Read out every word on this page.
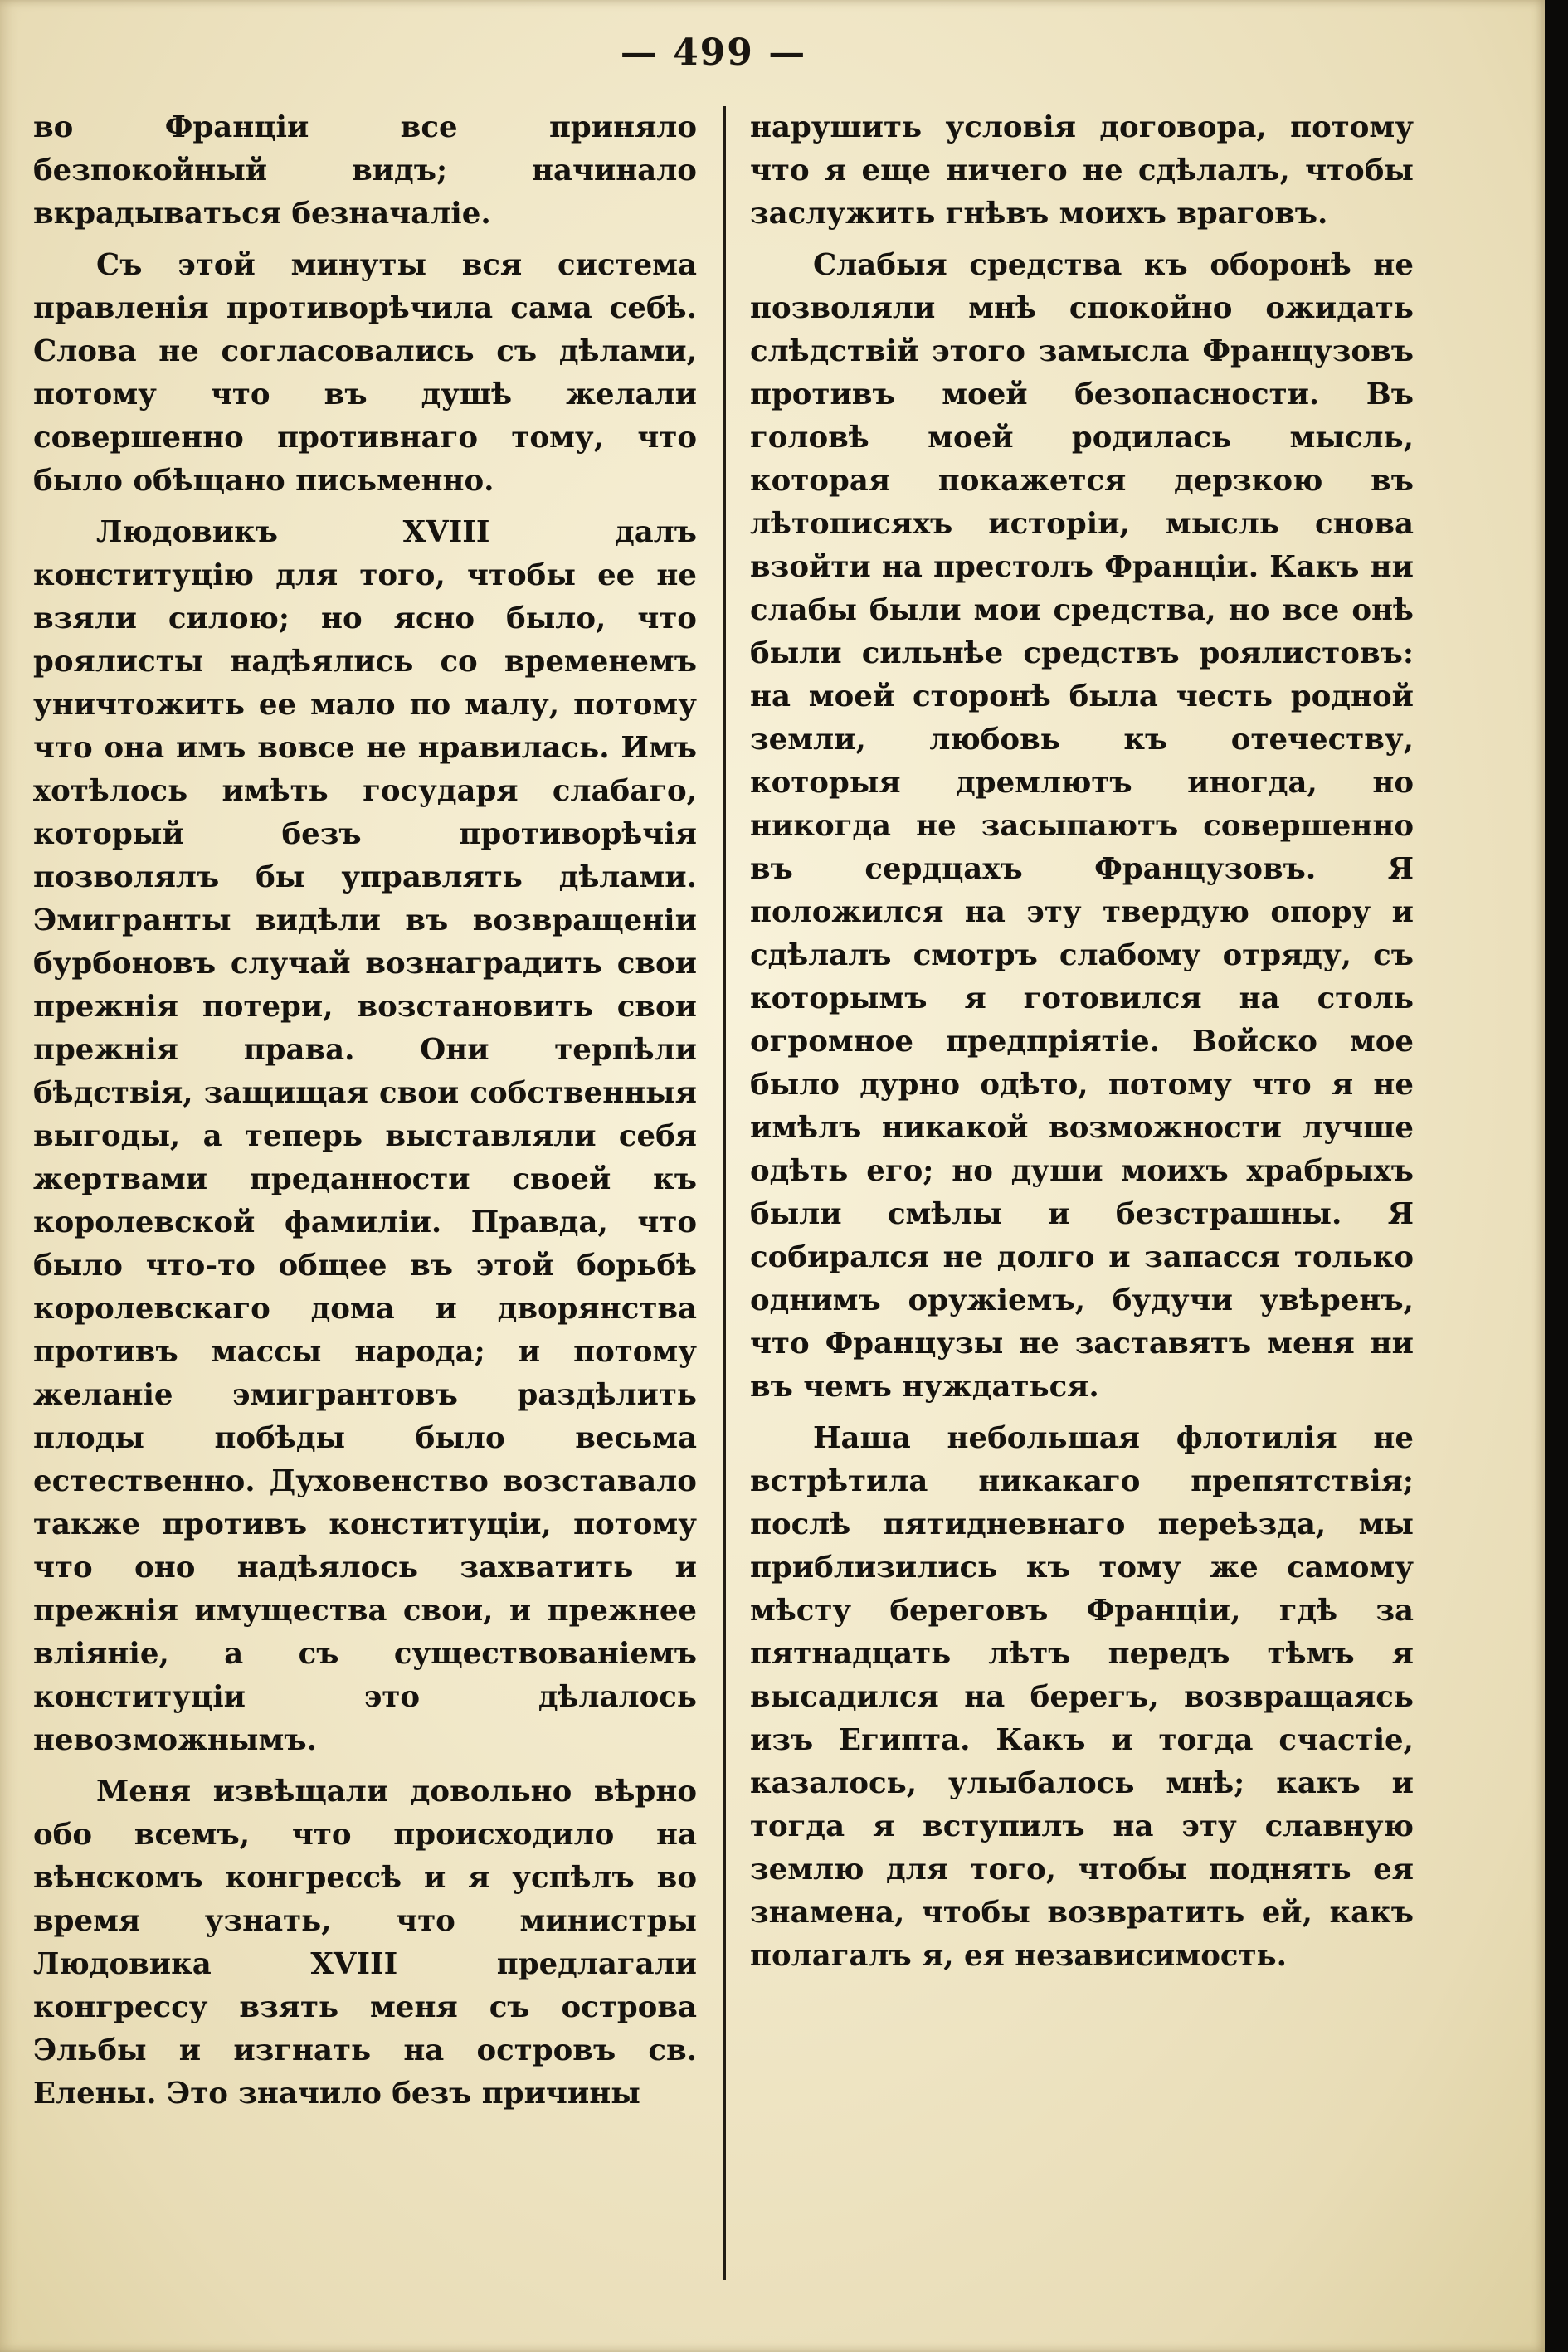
— 499 —

во Франціи все приняло безпокойный видъ; начинало вкрадываться безначаліе.

Съ этой минуты вся система правленія противорѣчила сама себѣ. Слова не согласовались съ дѣлами, потому что въ душѣ желали совершенно противнаго тому, что было обѣщано письменно.

Людовикъ XVIII далъ конституцію для того, чтобы ее не взяли силою; но ясно было, что роялисты надѣялись со временемъ уничтожить ее мало по малу, потому что она имъ вовсе не нравилась. Имъ хотѣлось имѣть государя слабаго, который безъ противорѣчія позволялъ бы управлять дѣлами. Эмигранты видѣли въ возвращеніи бурбоновъ случай вознаградить свои прежнія потери, возстановить свои прежнія права. Они терпѣли бѣдствія, защищая свои собственныя выгоды, а теперь выставляли себя жертвами преданности своей къ королевской фамиліи. Правда, что было что-то общее въ этой борьбѣ королевскаго дома и дворянства противъ массы народа; и потому желаніе эмигрантовъ раздѣлить плоды побѣды было весьма естественно. Духовенство возставало также противъ конституціи, потому что оно надѣялось захватить и прежнія имущества свои, и прежнее вліяніе, а съ существованіемъ конституціи это дѣлалось невозможнымъ.

Меня извѣщали довольно вѣрно обо всемъ, что происходило на вѣнскомъ конгрессѣ и я успѣлъ во время узнать, что министры Людовика XVIII предлагали конгрессу взять меня съ острова Эльбы и изгнать на островъ св. Елены. Это значило безъ причины

нарушить условія договора, потому что я еще ничего не сдѣлалъ, чтобы заслужить гнѣвъ моихъ враговъ.

Слабыя средства къ оборонѣ не позволяли мнѣ спокойно ожидать слѣдствій этого замысла Французовъ противъ моей безопасности. Въ головѣ моей родилась мысль, которая покажется дерзкою въ лѣтописяхъ исторіи, мысль снова взойти на престолъ Франціи. Какъ ни слабы были мои средства, но все онѣ были сильнѣе средствъ роялистовъ: на моей сторонѣ была честь родной земли, любовь къ отечеству, которыя дремлютъ иногда, но никогда не засыпаютъ совершенно въ сердцахъ Французовъ. Я положился на эту твердую опору и сдѣлалъ смотръ слабому отряду, съ которымъ я готовился на столь огромное предпріятіе. Войско мое было дурно одѣто, потому что я не имѣлъ никакой возможности лучше одѣть его; но души моихъ храбрыхъ были смѣлы и безстрашны. Я собирался не долго и запасся только однимъ оружіемъ, будучи увѣренъ, что Французы не заставятъ меня ни въ чемъ нуждаться.

Наша небольшая флотилія не встрѣтила никакаго препятствія; послѣ пятидневнаго переѣзда, мы приблизились къ тому же самому мѣсту береговъ Франціи, гдѣ за пятнадцать лѣтъ передъ тѣмъ я высадился на берегъ, возвращаясь изъ Египта. Какъ и тогда счастіе, казалось, улыбалось мнѣ; какъ и тогда я вступилъ на эту славную землю для того, чтобы поднять ея знамена, чтобы возвратить ей, какъ полагалъ я, ея независимость.
